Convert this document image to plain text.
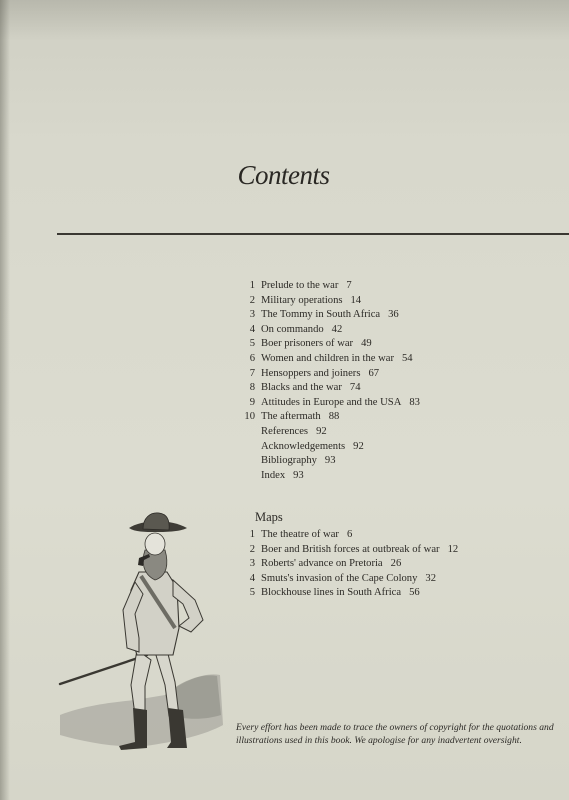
Contents
1 Prelude to the war 7
2 Military operations 14
3 The Tommy in South Africa 36
4 On commando 42
5 Boer prisoners of war 49
6 Women and children in the war 54
7 Hensoppers and joiners 67
8 Blacks and the war 74
9 Attitudes in Europe and the USA 83
10 The aftermath 88
References 92
Acknowledgements 92
Bibliography 93
Index 93
Maps
1 The theatre of war 6
2 Boer and British forces at outbreak of war 12
3 Roberts' advance on Pretoria 26
4 Smuts's invasion of the Cape Colony 32
5 Blockhouse lines in South Africa 56
Every effort has been made to trace the owners of copyright for the quotations and
illustrations used in this book. We apologise for any inadvertent oversight.
